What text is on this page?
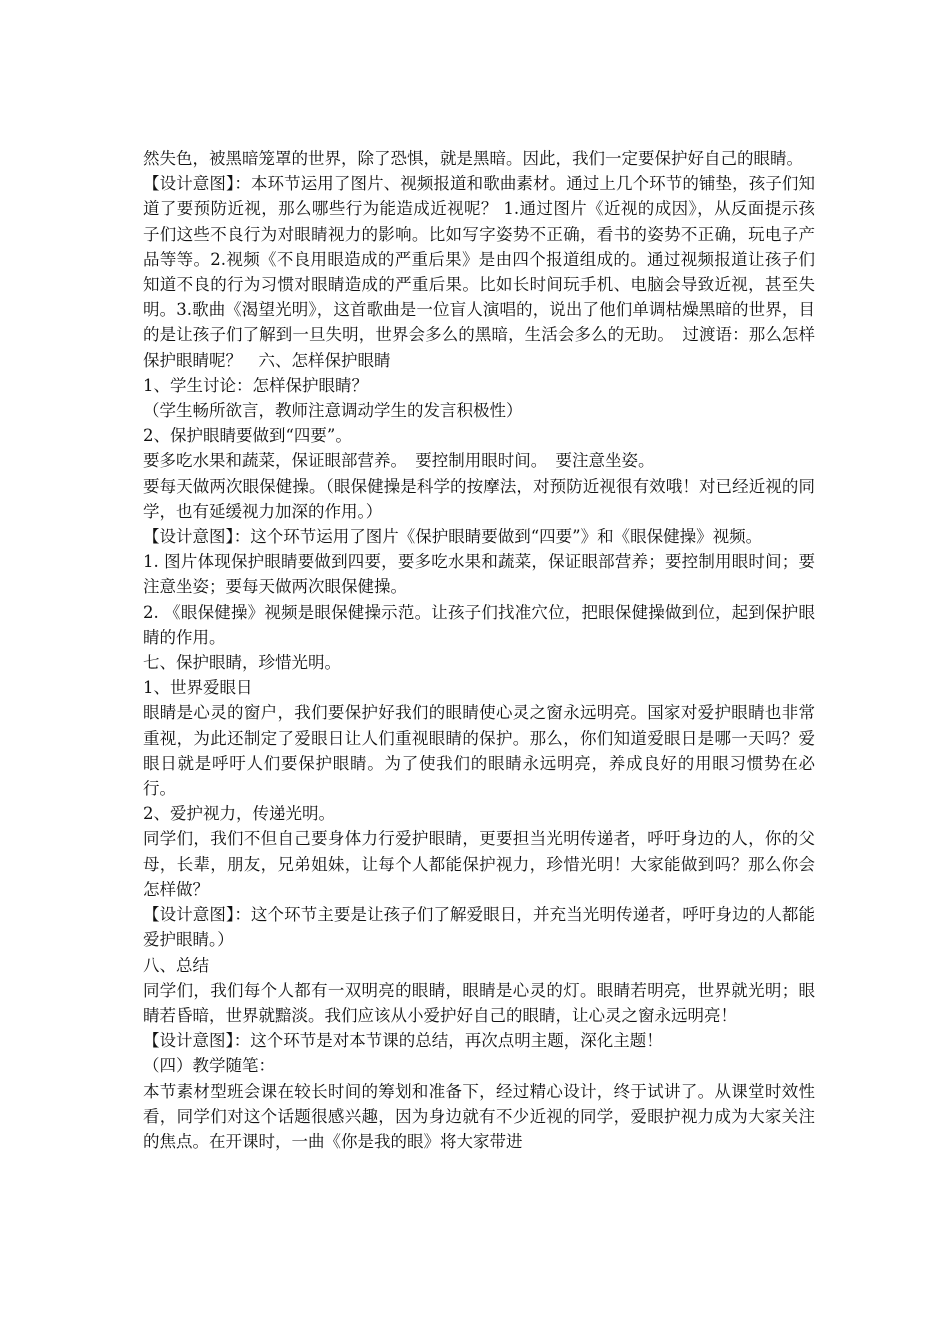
然失色，被黑暗笼罩的世界，除了恐惧，就是黑暗。因此，我们一定要保护好自己的眼睛。

【设计意图】：本环节运用了图片、视频报道和歌曲素材。通过上几个环节的铺垫，孩子们知道了要预防近视，那么哪些行为能造成近视呢？ 1.通过图片《近视的成因》，从反面提示孩子们这些不良行为对眼睛视力的影响。比如写字姿势不正确，看书的姿势不正确，玩电子产品等等。2.视频《不良用眼造成的严重后果》是由四个报道组成的。通过视频报道让孩子们知道不良的行为习惯对眼睛造成的严重后果。比如长时间玩手机、电脑会导致近视，甚至失明。3.歌曲《渴望光明》，这首歌曲是一位盲人演唱的，说出了他们单调枯燥黑暗的世界，目的是让孩子们了解到一旦失明，世界会多么的黑暗，生活会多么的无助。　过渡语：那么怎样保护眼睛呢？　六、怎样保护眼睛

1、学生讨论：怎样保护眼睛？

（学生畅所欲言，教师注意调动学生的发言积极性）

2、保护眼睛要做到“四要”。

要多吃水果和蔬菜，保证眼部营养。　要控制用眼时间。　要注意坐姿。

要每天做两次眼保健操。（眼保健操是科学的按摩法，对预防近视很有效哦！对已经近视的同学，也有延缓视力加深的作用。）

【设计意图】：这个环节运用了图片《保护眼睛要做到“四要”》和《眼保健操》视频。

1. 图片体现保护眼睛要做到四要，要多吃水果和蔬菜，保证眼部营养；要控制用眼时间；要注意坐姿；要每天做两次眼保健操。

2. 《眼保健操》视频是眼保健操示范。让孩子们找准穴位，把眼保健操做到位，起到保护眼睛的作用。

七、保护眼睛，珍惜光明。

1、世界爱眼日

眼睛是心灵的窗户，我们要保护好我们的眼睛使心灵之窗永远明亮。国家对爱护眼睛也非常重视，为此还制定了爱眼日让人们重视眼睛的保护。那么，你们知道爱眼日是哪一天吗？爱眼日就是呼吁人们要保护眼睛。为了使我们的眼睛永远明亮，养成良好的用眼习惯势在必行。

2、爱护视力，传递光明。

同学们，我们不但自己要身体力行爱护眼睛，更要担当光明传递者，呼吁身边的人，你的父母，长辈，朋友，兄弟姐妹，让每个人都能保护视力，珍惜光明！大家能做到吗？那么你会怎样做？

【设计意图】：这个环节主要是让孩子们了解爱眼日，并充当光明传递者，呼吁身边的人都能爱护眼睛。）

八、总结

同学们，我们每个人都有一双明亮的眼睛，眼睛是心灵的灯。眼睛若明亮，世界就光明；眼睛若昏暗，世界就黯淡。我们应该从小爱护好自己的眼睛，让心灵之窗永远明亮！

【设计意图】：这个环节是对本节课的总结，再次点明主题，深化主题！

（四）教学随笔：

本节素材型班会课在较长时间的筹划和准备下，经过精心设计，终于试讲了。从课堂时效性看，同学们对这个话题很感兴趣，因为身边就有不少近视的同学，爱眼护视力成为大家关注的焦点。在开课时，一曲《你是我的眼》将大家带进
